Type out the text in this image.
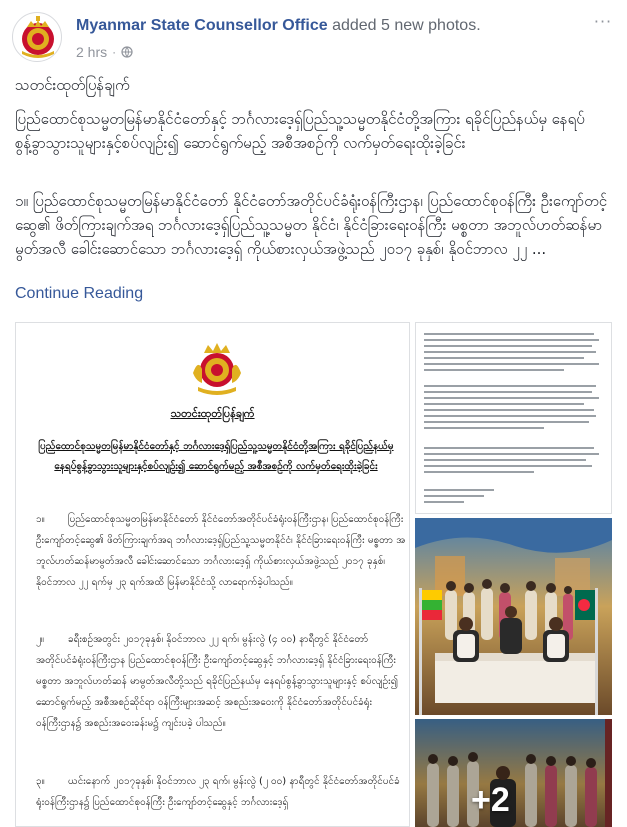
Myanmar State Counsellor Office added 5 new photos.
2 hrs ·
···
သတင်းထုတ်ပြန်ချက်
ပြည်ထောင်စုသမ္မတမြန်မာနိုင်ငံတော်နှင့် ဘင်္ဂလားဒေ့ရှ်ပြည်သူ့သမ္မတနိုင်ငံတို့အကြား ရခိုင်ပြည်နယ်မှ နေရပ်စွန့်ခွာသွားသူများနှင့်စပ်လျဉ်း၍ ဆောင်ရွက်မည့် အစီအစဉ်ကို လက်မှတ်ရေးထိုးခဲ့ခြင်း
၁။ ပြည်ထောင်စုသမ္မတမြန်မာနိုင်ငံတော် နိုင်ငံတော်အတိုင်ပင်ခံရုံးဝန်ကြီးဌာန၊ ပြည်ထောင်စုဝန်ကြီး ဦးကျော်တင့်ဆွေ၏ ဖိတ်ကြားချက်အရ ဘင်္ဂလားဒေ့ရှ်ပြည်သူ့သမ္မတ နိုင်ငံ၊ နိုင်ငံခြားရေးဝန်ကြီး မစ္စတာ အဘူလ်ဟတ်ဆန်မာမွတ်အလီ ခေါင်းဆောင်သော ဘင်္ဂလားဒေ့ရှ် ကိုယ်စားလှယ်အဖွဲ့သည် ၂၀၁၇ ခုနှစ်၊ နိုဝင်ဘာလ ၂၂ ...
Continue Reading
သတင်းထုတ်ပြန်ချက်
ပြည်ထောင်စုသမ္မတမြန်မာနိုင်ငံတော်နှင့် ဘင်္ဂလားဒေ့ရှ်ပြည်သူ့သမ္မတနိုင်ငံတို့အကြား ရခိုင်ပြည်နယ်မှ နေရပ်စွန့်ခွာသွားသူများနှင့်စပ်လျဉ်း၍ ဆောင်ရွက်မည့် အစီအစဉ်ကို လက်မှတ်ရေးထိုးခဲ့ခြင်း
၁။ ပြည်ထောင်စုသမ္မတမြန်မာနိုင်ငံတော် နိုင်ငံတော်အတိုင်ပင်ခံရုံးဝန်ကြီးဌာန၊ ပြည်ထောင်စုဝန်ကြီး ဦးကျော်တင့်ဆွေ၏ ဖိတ်ကြားချက်အရ ဘင်္ဂလားဒေ့ရှ်ပြည်သူ့သမ္မတနိုင်ငံ၊ နိုင်ငံခြားရေးဝန်ကြီး မစ္စတာ အဘူလ်ဟတ်ဆန်မာမွတ်အလီ ခေါင်းဆောင်သော ဘင်္ဂလားဒေ့ရှ် ကိုယ်စားလှယ်အဖွဲ့သည် ၂၀၁၇ ခုနှစ်၊ နိုဝင်ဘာလ ၂၂ ရက်မှ ၂၃ ရက်အထိ မြန်မာနိုင်ငံသို့ လာရောက်ခဲ့ပါသည်။
၂။ ခရီးစဉ်အတွင်း ၂၀၁၇ခုနှစ်၊ နိုဝင်ဘာလ ၂၂ ရက်၊ မွန်းလွဲ (၄ ၀၀) နာရီတွင် နိုင်ငံတော်အတိုင်ပင်ခံရုံးဝန်ကြီးဌာန ပြည်ထောင်စုဝန်ကြီး ဦးကျော်တင့်ဆွေနှင့် ဘင်္ဂလားဒေ့ရှ် နိုင်ငံခြားရေးဝန်ကြီး မစ္စတာ အဘူလ်ဟတ်ဆန် မာမွတ်အလီတို့သည် ရခိုင်ပြည်နယ်မှ နေရပ်စွန့်ခွာသွားသူများနှင့် စပ်လျဉ်း၍ ဆောင်ရွက်မည့် အစီအစဉ်ဆိုင်ရာ ဝန်ကြီးများအဆင့် အစည်းအဝေးကို နိုင်ငံတော်အတိုင်ပင်ခံရုံးဝန်ကြီးဌာန၌ အစည်းအဝေးခန်းမ၌ ကျင်းပခဲ့ ပါသည်။
၃။ ယင်းနောက် ၂၀၁၇ခုနှစ်၊ နိုဝင်ဘာလ ၂၃ ရက်၊ မွန်းလွဲ (၂ ၀၀) နာရီတွင် နိုင်ငံတော်အတိုင်ပင်ခံရုံးဝန်ကြီးဌာန၌ ပြည်ထောင်စုဝန်ကြီး ဦးကျော်တင့်ဆွေနှင့် ဘင်္ဂလားဒေ့ရှ်	+2
